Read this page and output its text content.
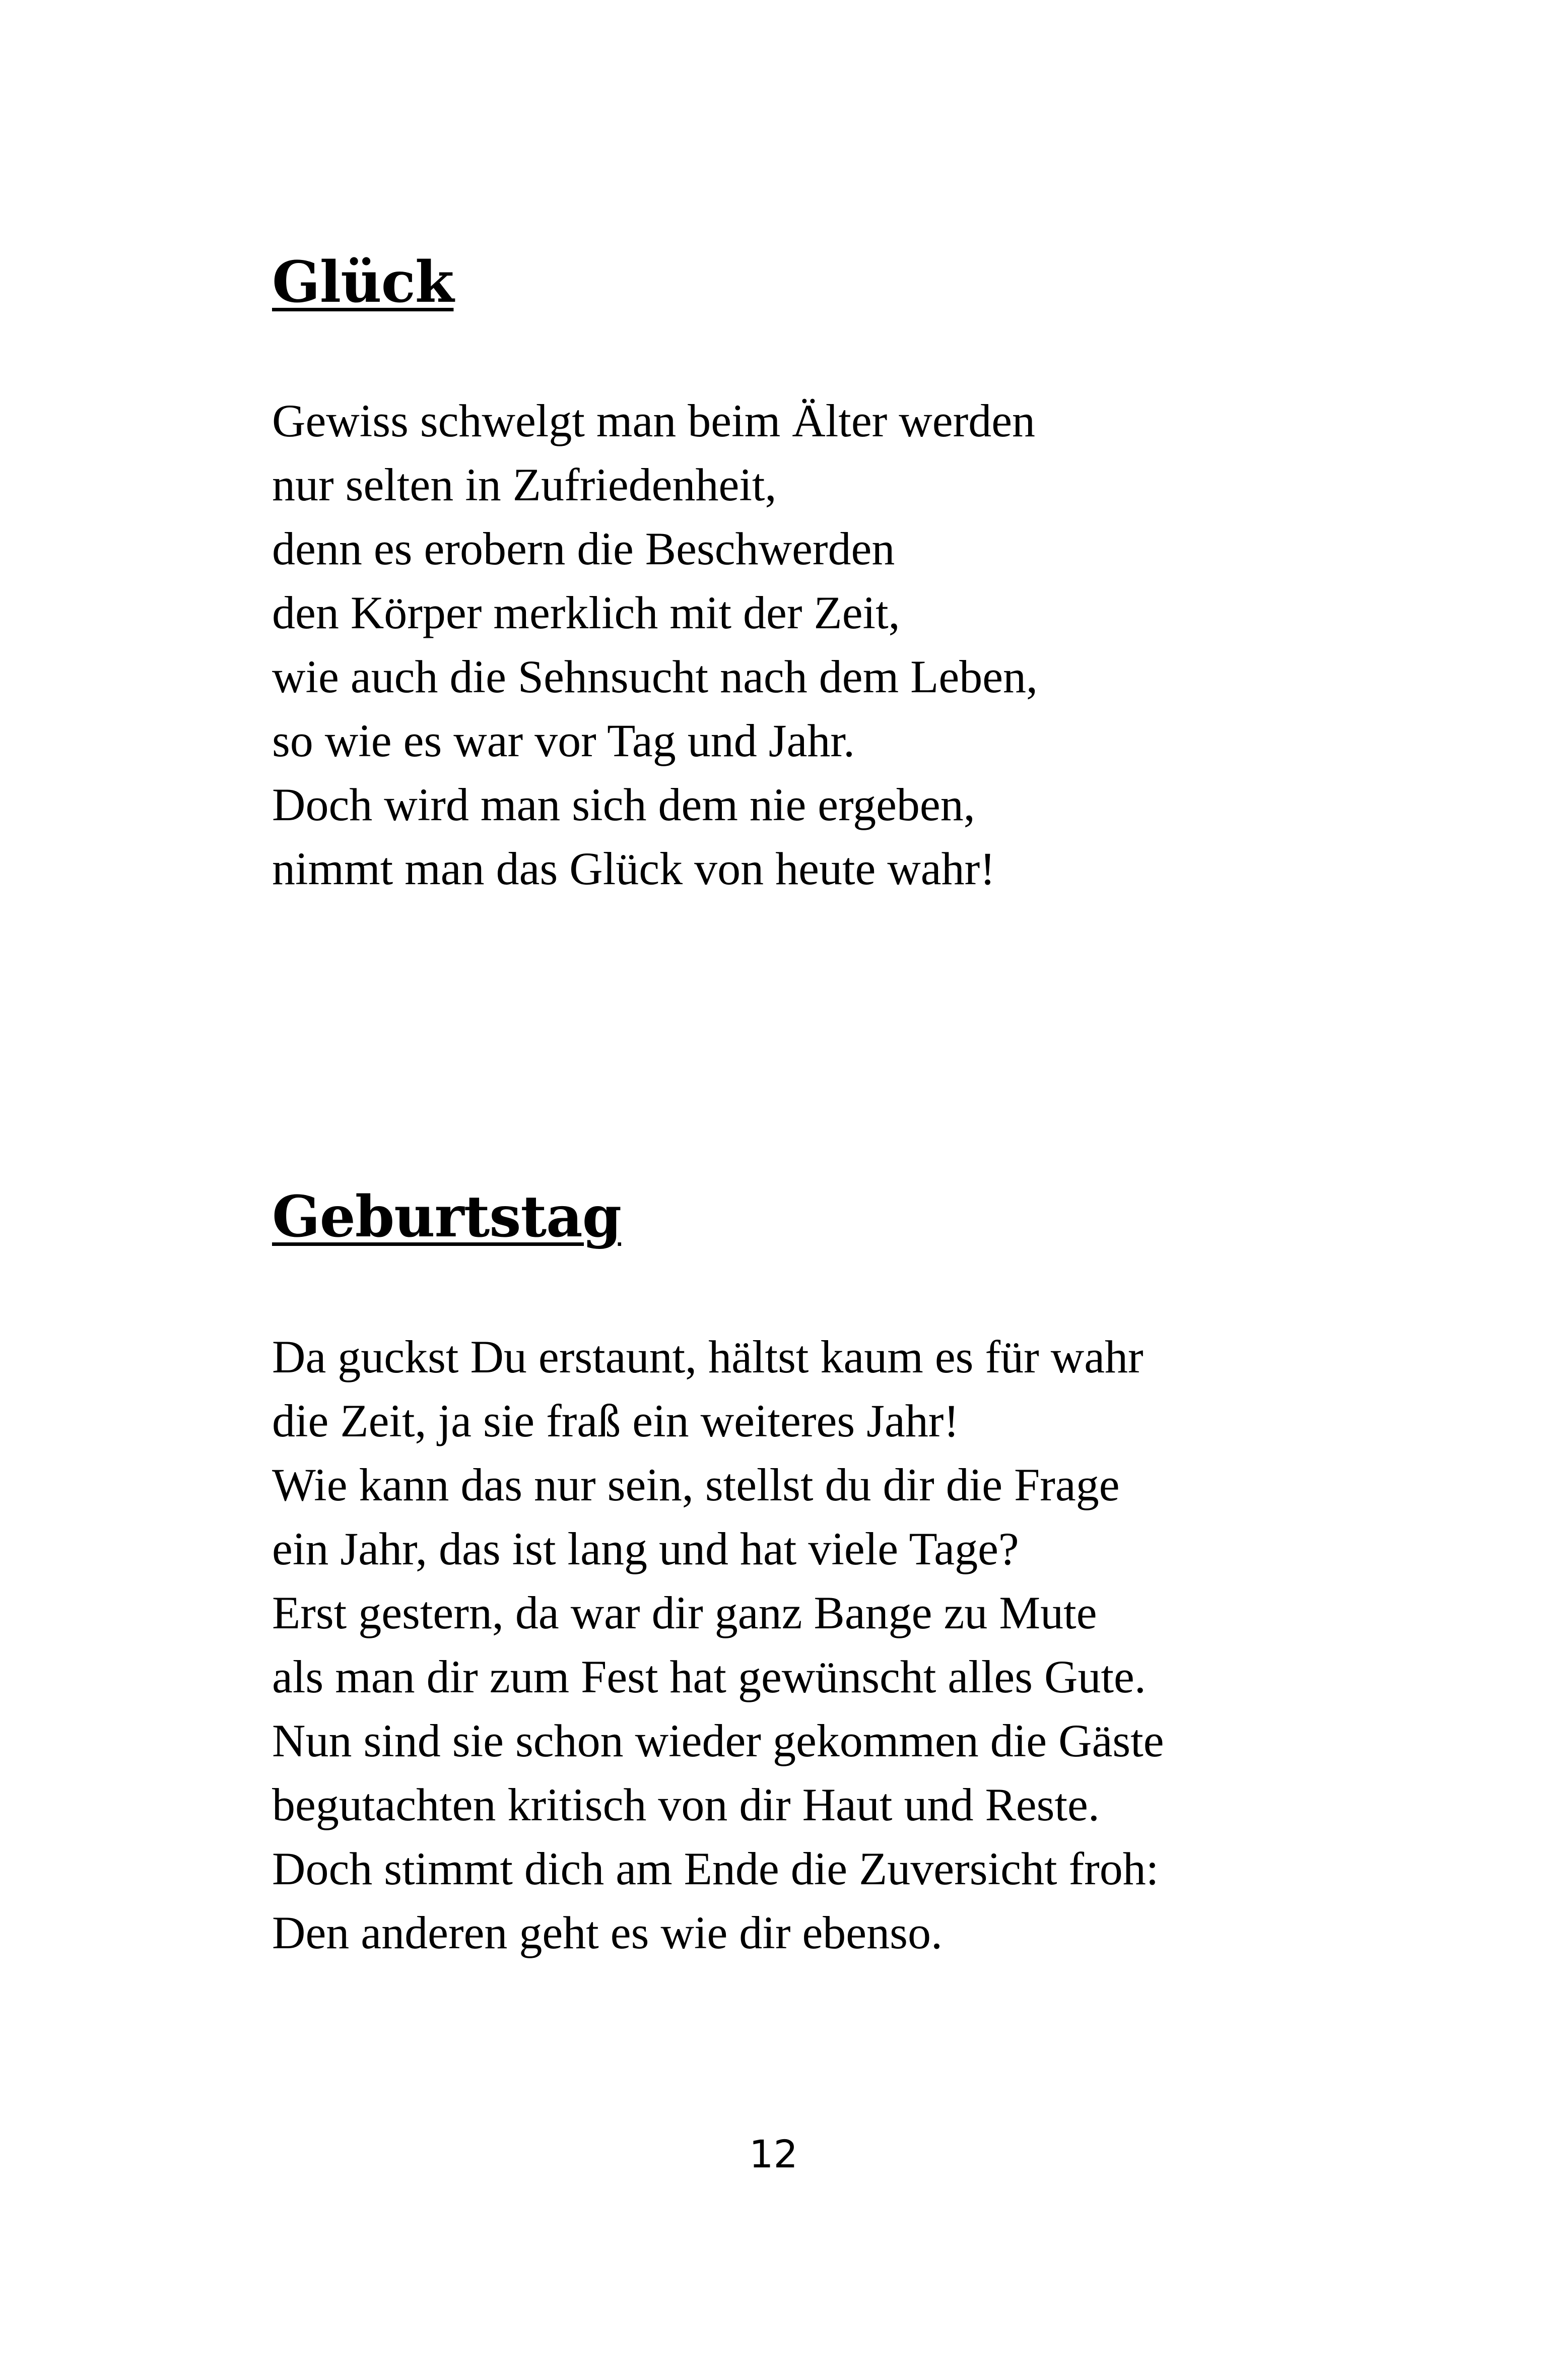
Glück
Gewiss schwelgt man beim Älter werden
nur selten in Zufriedenheit,
denn es erobern die Beschwerden
den Körper merklich mit der Zeit,
wie auch die Sehnsucht nach dem Leben,
so wie es war vor Tag und Jahr.
Doch wird man sich dem nie ergeben,
nimmt man das Glück von heute wahr!
Geburtstag
Da guckst Du erstaunt, hältst kaum es für wahr
die Zeit, ja sie fraß ein weiteres Jahr!
Wie kann das nur sein, stellst du dir die Frage
ein Jahr, das ist lang und hat viele Tage?
Erst gestern, da war dir ganz Bange zu Mute
als man dir zum Fest hat gewünscht alles Gute.
Nun sind sie schon wieder gekommen die Gäste
begutachten kritisch von dir Haut und Reste.
Doch stimmt dich am Ende die Zuversicht froh:
Den anderen geht es wie dir ebenso.
12
